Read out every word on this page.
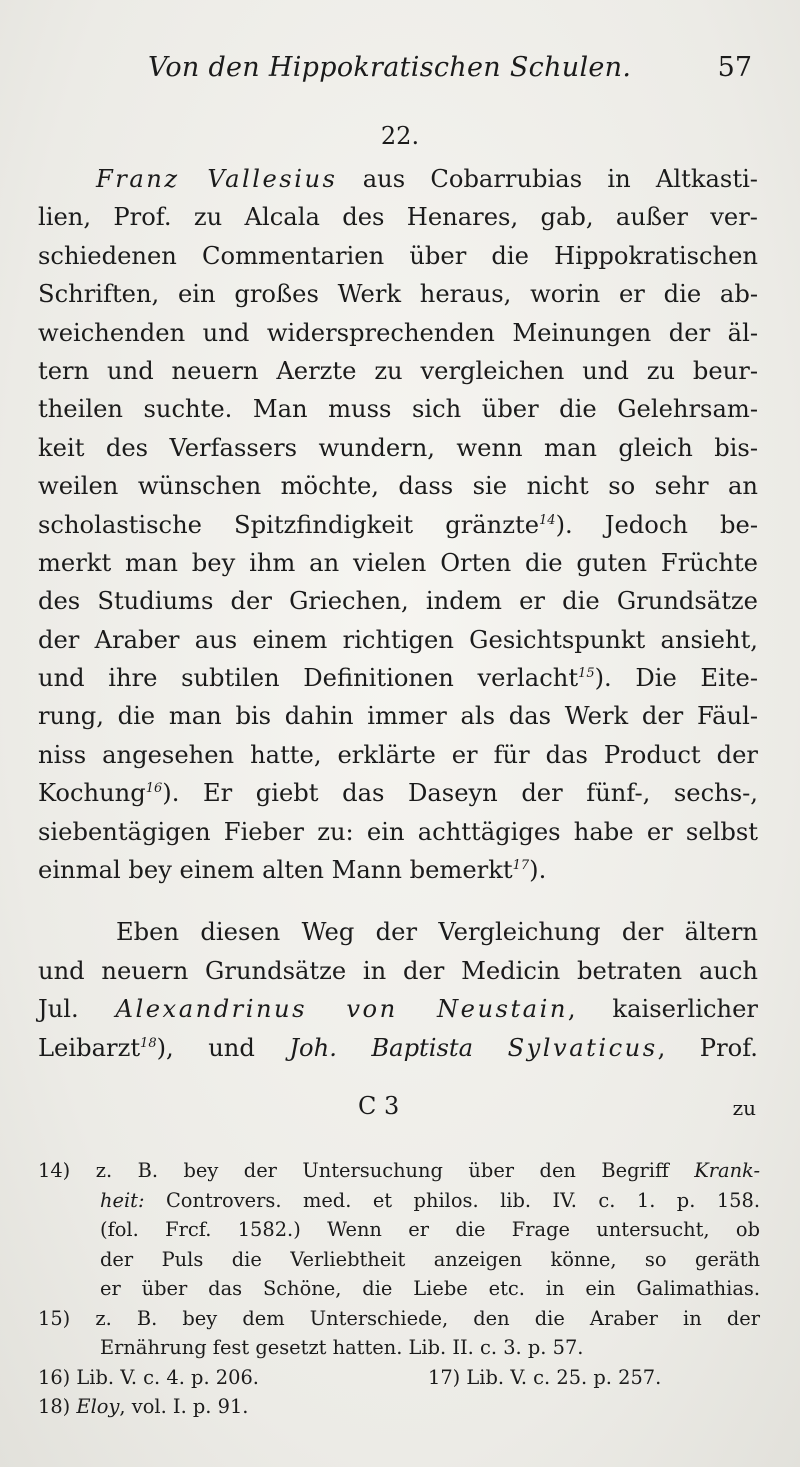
Von den Hippokratischen Schulen.	57
22.
Franz Vallesius aus Cobarrubias in Altkasti-
lien, Prof. zu Alcala des Henares, gab, außer ver-
schiedenen Commentarien über die Hippokratischen
Schriften, ein großes Werk heraus, worin er die ab-
weichenden und widersprechenden Meinungen der äl-
tern und neuern Aerzte zu vergleichen und zu beur-
theilen suchte. Man muss sich über die Gelehrsam-
keit des Verfassers wundern, wenn man gleich bis-
weilen wünschen möchte, dass sie nicht so sehr an
scholastische Spitzfindigkeit gränzte$^{14}$). Jedoch be-
merkt man bey ihm an vielen Orten die guten Früchte
des Studiums der Griechen, indem er die Grundsätze
der Araber aus einem richtigen Gesichtspunkt ansieht,
und ihre subtilen Definitionen verlacht$^{15}$). Die Eite-
rung, die man bis dahin immer als das Werk der Fäul-
niss angesehen hatte, erklärte er für das Product der
Kochung$^{16}$). Er giebt das Daseyn der fünf-, sechs-,
siebentägigen Fieber zu: ein achttägiges habe er selbst
einmal bey einem alten Mann bemerkt$^{17}$).
Eben diesen Weg der Vergleichung der ältern
und neuern Grundsätze in der Medicin betraten auch
Jul. Alexandrinus von Neustain, kaiserlicher
Leibarzt$^{18}$), und Joh. Baptista Sylvaticus, Prof.
C 3	zu
14) z. B. bey der Untersuchung über den Begriff Krank-
heit: Controvers. med. et philos. lib. IV. c. 1. p. 158.
(fol. Frcf. 1582.) Wenn er die Frage untersucht, ob
der Puls die Verliebtheit anzeigen könne, so geräth
er über das Schöne, die Liebe etc. in ein Galimathias.
15) z. B. bey dem Unterschiede, den die Araber in der
Ernährung fest gesetzt hatten. Lib. II. c. 3. p. 57.
16) Lib. V. c. 4. p. 206.	17) Lib. V. c. 25. p. 257.
18) Eloy, vol. I. p. 91.
